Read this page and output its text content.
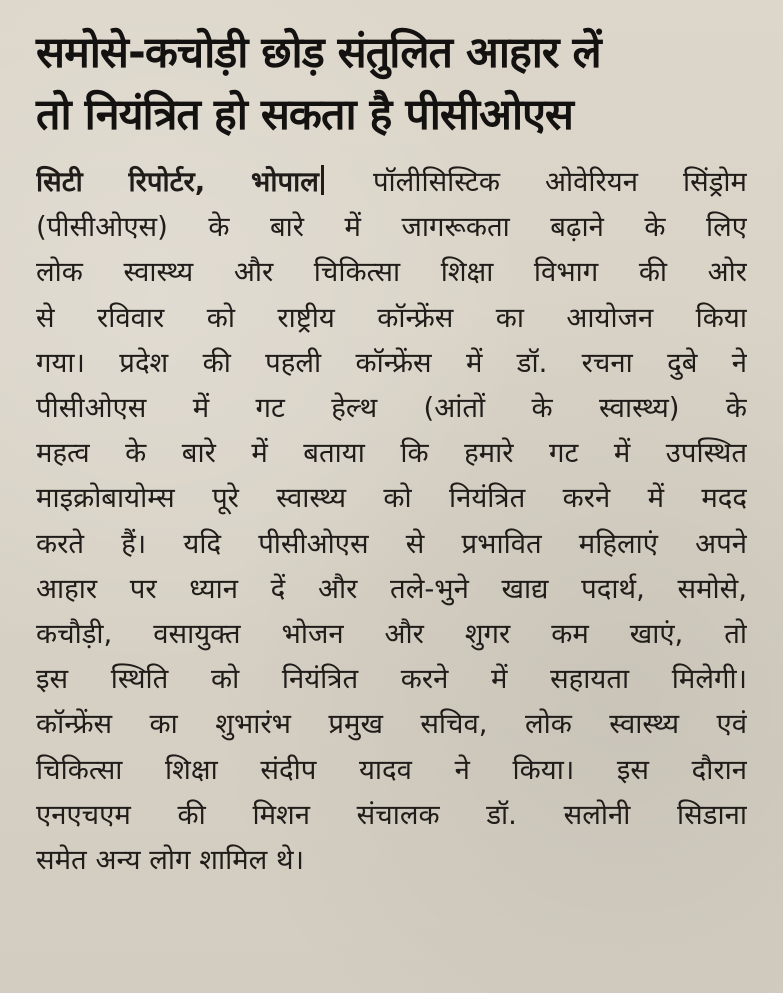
समोसे-कचोड़ी छोड़ संतुलित आहार लें
तो नियंत्रित हो सकता है पीसीओएस
सिटी रिपोर्टर, भोपाल पॉलीसिस्टिक ओवेरियन सिंड्रोम
(पीसीओएस) के बारे में जागरूकता बढ़ाने के लिए
लोक स्वास्थ्य और चिकित्सा शिक्षा विभाग की ओर
से रविवार को राष्ट्रीय कॉन्फ्रेंस का आयोजन किया
गया। प्रदेश की पहली कॉन्फ्रेंस में डॉ. रचना दुबे ने
पीसीओएस में गट हेल्थ (आंतों के स्वास्थ्य) के
महत्व के बारे में बताया कि हमारे गट में उपस्थित
माइक्रोबायोम्स पूरे स्वास्थ्य को नियंत्रित करने में मदद
करते हैं। यदि पीसीओएस से प्रभावित महिलाएं अपने
आहार पर ध्यान दें और तले-भुने खाद्य पदार्थ, समोसे,
कचौड़ी, वसायुक्त भोजन और शुगर कम खाएं, तो
इस स्थिति को नियंत्रित करने में सहायता मिलेगी।
कॉन्फ्रेंस का शुभारंभ प्रमुख सचिव, लोक स्वास्थ्य एवं
चिकित्सा शिक्षा संदीप यादव ने किया। इस दौरान
एनएचएम की मिशन संचालक डॉ. सलोनी सिडाना
समेत अन्य लोग शामिल थे।
